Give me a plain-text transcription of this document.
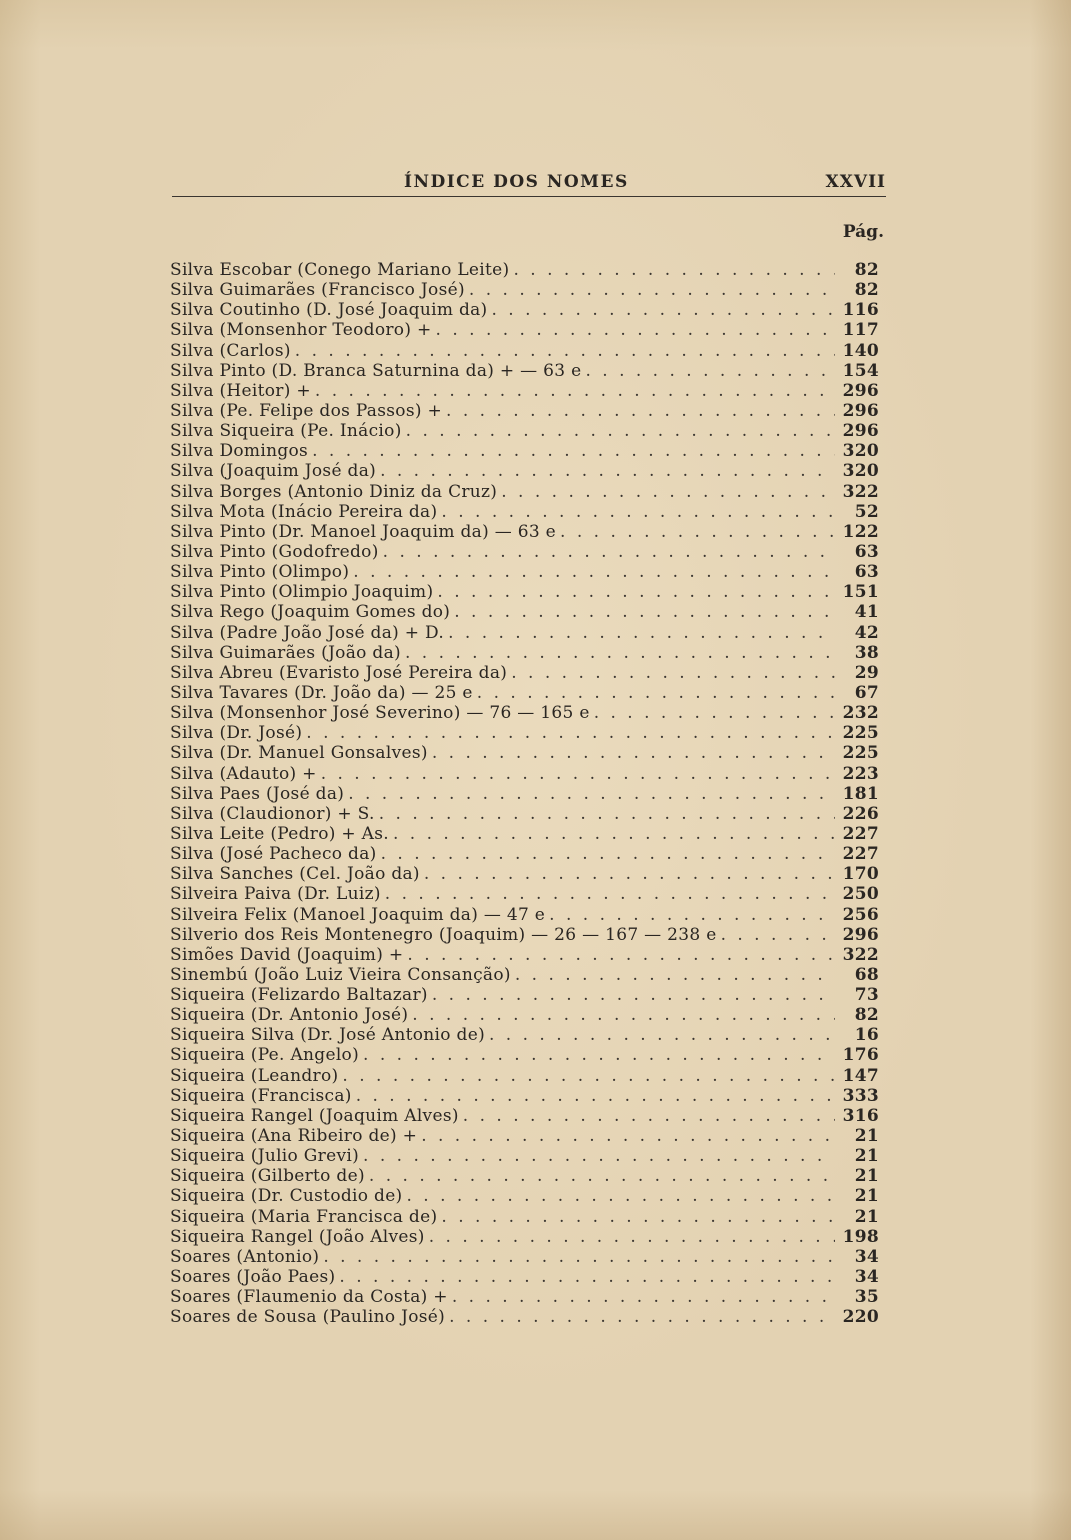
ÍNDICE DOS NOMES	XXVII
Pág.
Silva Escobar (Conego Mariano Leite) . . .	82
Silva Guimarães (Francisco José) . . .	82
Silva Coutinho (D. José Joaquim da) . . .	116
Silva (Monsenhor Teodoro) + . . .	117
Silva (Carlos) . . .	140
Silva Pinto (D. Branca Saturnina da) + — 63 e . . .	154
Silva (Heitor) + . . .	296
Silva (Pe. Felipe dos Passos) + . . .	296
Silva Siqueira (Pe. Inácio) . . .	296
Silva Domingos . . .	320
Silva (Joaquim José da) . . .	320
Silva Borges (Antonio Diniz da Cruz) . . .	322
Silva Mota (Inácio Pereira da) . . .	52
Silva Pinto (Dr. Manoel Joaquim da) — 63 e . . .	122
Silva Pinto (Godofredo) . . .	63
Silva Pinto (Olimpo) . . .	63
Silva Pinto (Olimpio Joaquim) . . .	151
Silva Rego (Joaquim Gomes do) . . .	41
Silva (Padre João José da) + D. . . .	42
Silva Guimarães (João da) . . .	38
Silva Abreu (Evaristo José Pereira da) . . .	29
Silva Tavares (Dr. João da) — 25 e . . .	67
Silva (Monsenhor José Severino) — 76 — 165 e . . .	232
Silva (Dr. José) . . .	225
Silva (Dr. Manuel Gonsalves) . . .	225
Silva (Adauto) + . . .	223
Silva Paes (José da) . . .	181
Silva (Claudionor) + S. . . .	226
Silva Leite (Pedro) + As. . . .	227
Silva (José Pacheco da) . . .	227
Silva Sanches (Cel. João da) . . .	170
Silveira Paiva (Dr. Luiz) . . .	250
Silveira Felix (Manoel Joaquim da) — 47 e . . .	256
Silverio dos Reis Montenegro (Joaquim) — 26 — 167 — 238 e . . .	296
Simões David (Joaquim) + . . .	322
Sinembú (João Luiz Vieira Consanção) . . .	68
Siqueira (Felizardo Baltazar) . . .	73
Siqueira (Dr. Antonio José) . . .	82
Siqueira Silva (Dr. José Antonio de) . . .	16
Siqueira (Pe. Angelo) . . .	176
Siqueira (Leandro) . . .	147
Siqueira (Francisca) . . .	333
Siqueira Rangel (Joaquim Alves) . . .	316
Siqueira (Ana Ribeiro de) + . . .	21
Siqueira (Julio Grevi) . . .	21
Siqueira (Gilberto de) . . .	21
Siqueira (Dr. Custodio de) . . .	21
Siqueira (Maria Francisca de) . . .	21
Siqueira Rangel (João Alves) . . .	198
Soares (Antonio) . . .	34
Soares (João Paes) . . .	34
Soares (Flaumenio da Costa) + . . .	35
Soares de Sousa (Paulino José) . . .	220
